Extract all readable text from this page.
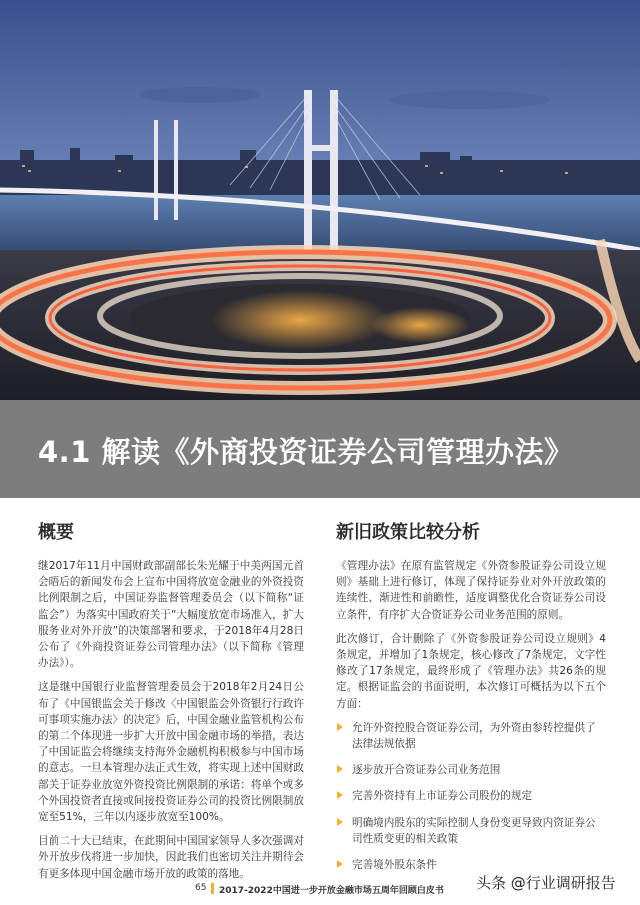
4.1 解读《外商投资证券公司管理办法》
概要

继2017年11月中国财政部副部长朱光耀于中美两国元首会晤后的新闻发布会上宣布中国将放宽金融业的外资投资比例限制之后，中国证券监督管理委员会（以下简称“证监会”）为落实中国政府关于“大幅度放宽市场准入，扩大服务业对外开放”的决策部署和要求，于2018年4月28日公布了《外商投资证券公司管理办法》（以下简称《管理办法》）。

这是继中国银行业监督管理委员会于2018年2月24日公布了《中国银监会关于修改〈中国银监会外资银行行政许可事项实施办法〉的决定》后，中国金融业监管机构公布的第二个体现进一步扩大开放中国金融市场的举措，表达了中国证监会将继续支持海外金融机构积极参与中国市场的意志。一旦本管理办法正式生效，将实现上述中国财政部关于证券业放宽外资投资比例限制的承诺：将单个或多个外国投资者直接或间接投资证券公司的投资比例限制放宽至51%，三年以内逐步放宽至100%。

目前二十大已结束，在此期间中国国家领导人多次强调对外开放步伐将进一步加快，因此我们也密切关注并期待会有更多体现中国金融市场开放的政策的落地。

新旧政策比较分析

《管理办法》在原有监管规定《外资参股证券公司设立规则》基础上进行修订，体现了保持证券业对外开放政策的连续性、渐进性和前瞻性，适度调整优化合资证券公司设立条件，有序扩大合资证券公司业务范围的原则。

此次修订，合计删除了《外资参股证券公司设立规则》4条规定，并增加了1条规定，核心修改了7条规定，文字性修改了17条规定，最终形成了《管理办法》共26条的规定。根据证监会的书面说明，本次修订可概括为以下五个方面：

允许外资控股合资证券公司，为外资由参转控提供了法律法规依据
逐步放开合资证券公司业务范围
完善外资持有上市证券公司股份的规定
明确境内股东的实际控制人身份变更导致内资证券公司性质变更的相关政策
完善境外股东条件
65 2017-2022中国进一步开放金融市场五周年回顾白皮书 头条 @行业调研报告
